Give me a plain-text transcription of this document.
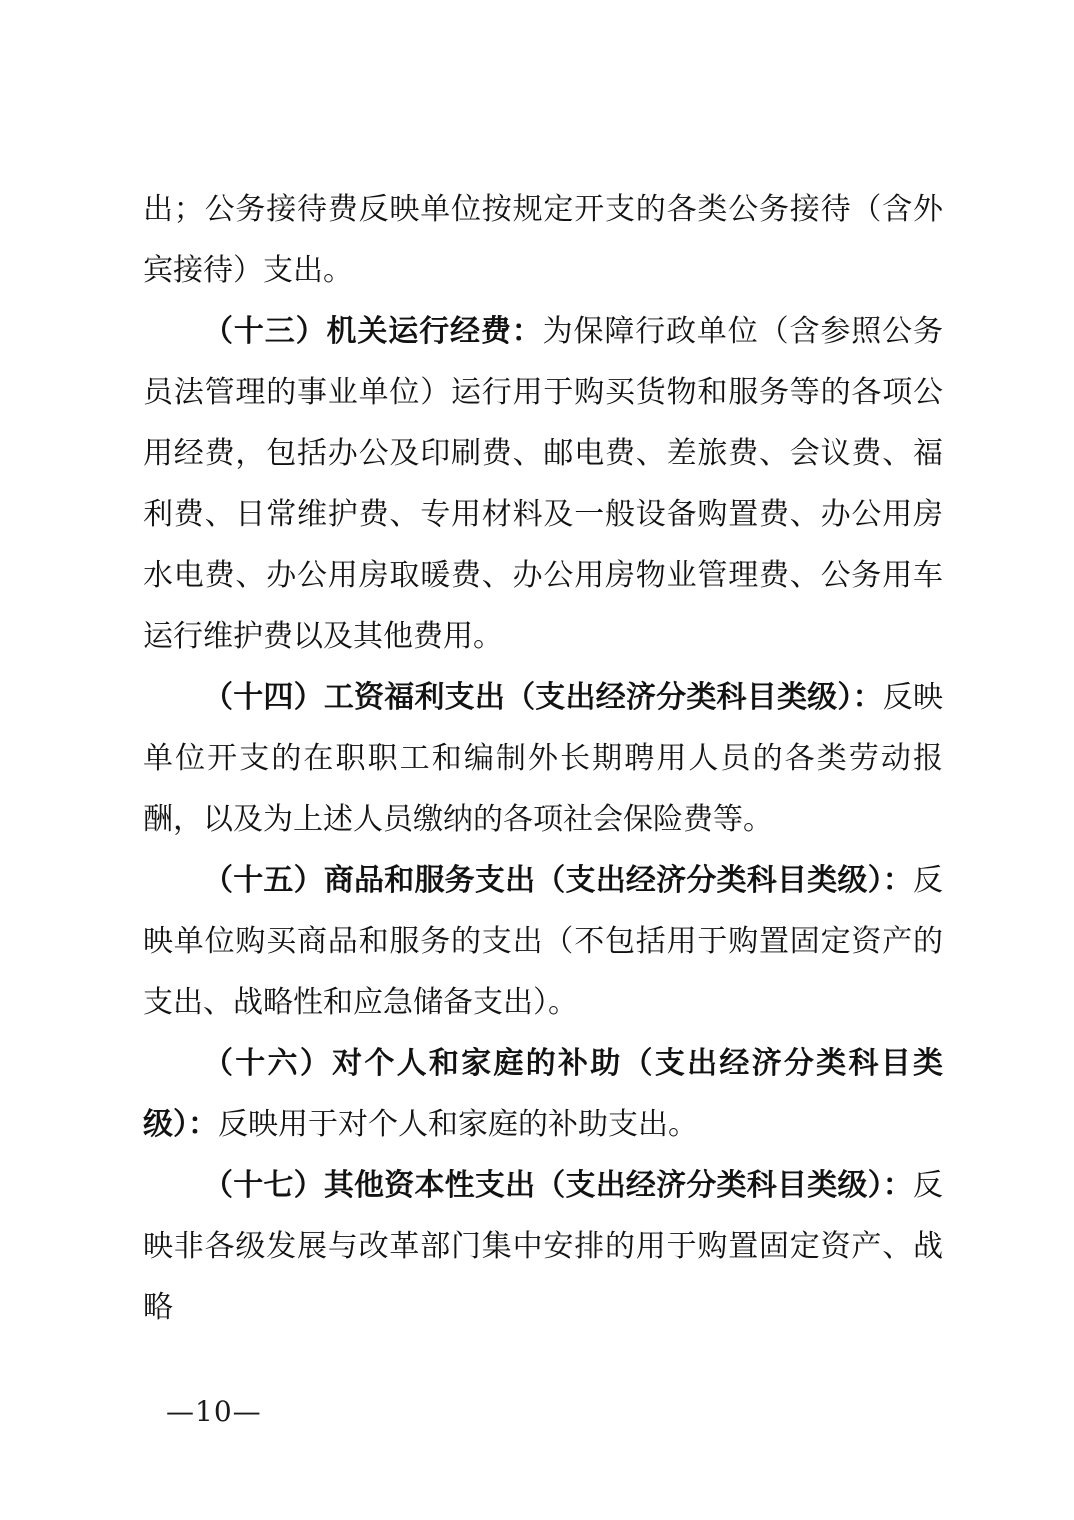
出；公务接待费反映单位按规定开支的各类公务接待（含外宾接待）支出。

（十三）机关运行经费：为保障行政单位（含参照公务员法管理的事业单位）运行用于购买货物和服务等的各项公用经费，包括办公及印刷费、邮电费、差旅费、会议费、福利费、日常维护费、专用材料及一般设备购置费、办公用房水电费、办公用房取暖费、办公用房物业管理费、公务用车运行维护费以及其他费用。

（十四）工资福利支出（支出经济分类科目类级）：反映单位开支的在职职工和编制外长期聘用人员的各类劳动报酬，以及为上述人员缴纳的各项社会保险费等。

（十五）商品和服务支出（支出经济分类科目类级）：反映单位购买商品和服务的支出（不包括用于购置固定资产的支出、战略性和应急储备支出）。

（十六）对个人和家庭的补助（支出经济分类科目类级）：反映用于对个人和家庭的补助支出。

（十七）其他资本性支出（支出经济分类科目类级）：反映非各级发展与改革部门集中安排的用于购置固定资产、战略

—10—
